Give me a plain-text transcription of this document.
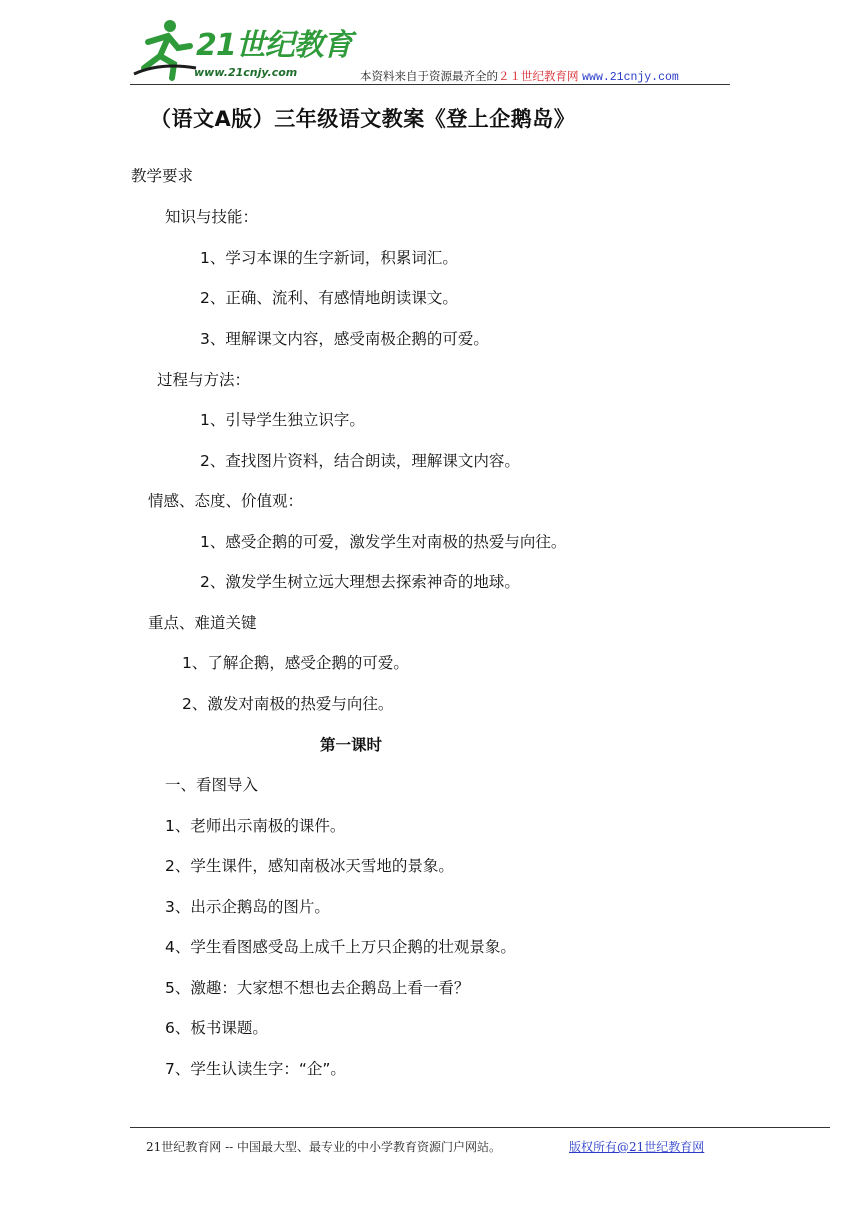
21世纪教育
www.21cnjy.com	本资料来自于资源最齐全的２１世纪教育网 www.21cnjy.com
（语文A版）三年级语文教案《登上企鹅岛》
教学要求
知识与技能：
1、学习本课的生字新词，积累词汇。
2、正确、流利、有感情地朗读课文。
3、理解课文内容，感受南极企鹅的可爱。
过程与方法：
1、引导学生独立识字。
2、查找图片资料，结合朗读，理解课文内容。
情感、态度、价值观：
1、感受企鹅的可爱，激发学生对南极的热爱与向往。
2、激发学生树立远大理想去探索神奇的地球。
重点、难道关键
1、了解企鹅，感受企鹅的可爱。
2、激发对南极的热爱与向往。
第一课时
一、看图导入
1、老师出示南极的课件。
2、学生课件，感知南极冰天雪地的景象。
3、出示企鹅岛的图片。
4、学生看图感受岛上成千上万只企鹅的壮观景象。
5、激趣：大家想不想也去企鹅岛上看一看？
6、板书课题。
7、学生认读生字：“企”。
21世纪教育网 -- 中国最大型、最专业的中小学教育资源门户网站。	版权所有@21世纪教育网
